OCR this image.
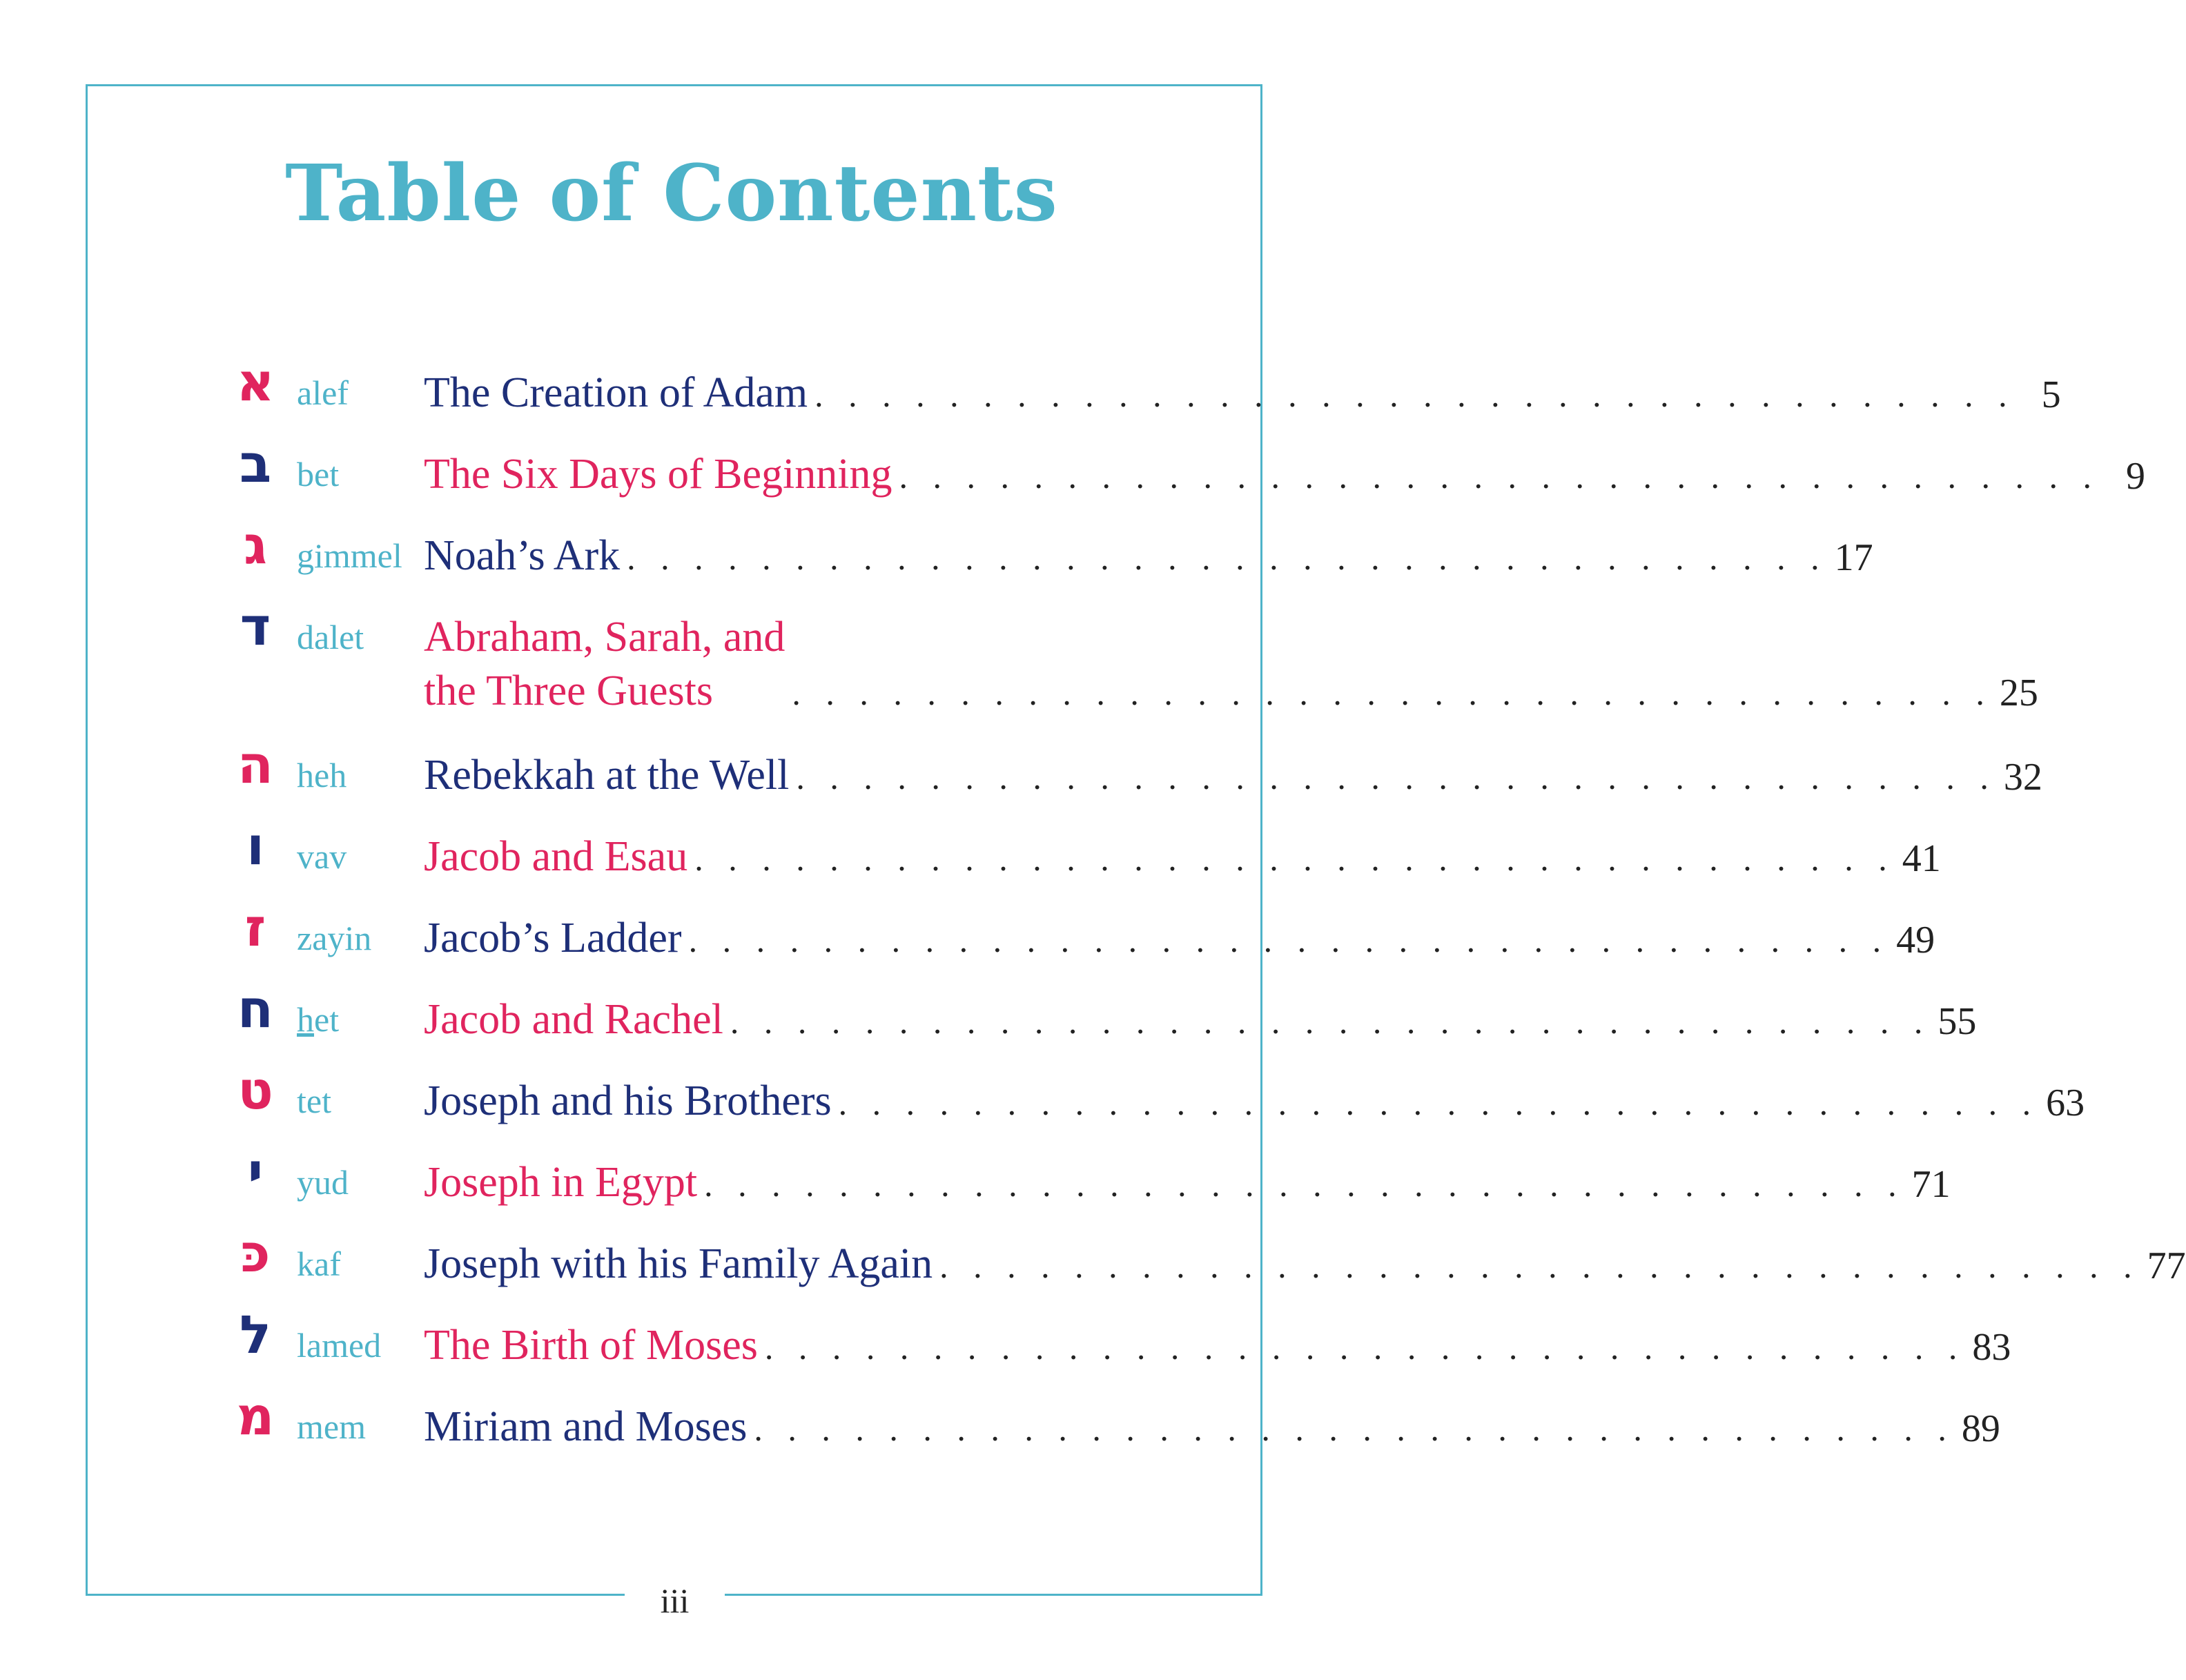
iii
Table of Contents
א alef The Creation of Adam . . . . . . . . . . . . . . . . . . . . . . . . . . . . . . . . . . . . 5
ב bet The Six Days of Beginning . . . . . . . . . . . . . . . . . . . . . . . . . . . . . . . . . . . . 9
ג gimmel Noah’s Ark . . . . . . . . . . . . . . . . . . . . . . . . . . . . . . . . . . . . 17
ד dalet Abraham, Sarah, and
the Three Guests	. . . . . . . . . . . . . . . . . . . . . . . . . . . . . . . . . . . . 25
ה heh Rebekkah at the Well . . . . . . . . . . . . . . . . . . . . . . . . . . . . . . . . . . . . 32
ו vav Jacob and Esau . . . . . . . . . . . . . . . . . . . . . . . . . . . . . . . . . . . . 41
ז zayin Jacob’s Ladder . . . . . . . . . . . . . . . . . . . . . . . . . . . . . . . . . . . . 49
ח het Jacob and Rachel . . . . . . . . . . . . . . . . . . . . . . . . . . . . . . . . . . . . 55
ט tet Joseph and his Brothers . . . . . . . . . . . . . . . . . . . . . . . . . . . . . . . . . . . . 63
י yud Joseph in Egypt . . . . . . . . . . . . . . . . . . . . . . . . . . . . . . . . . . . . 71
כּ kaf Joseph with his Family Again . . . . . . . . . . . . . . . . . . . . . . . . . . . . . . . . . . . . 77
ל lamed The Birth of Moses . . . . . . . . . . . . . . . . . . . . . . . . . . . . . . . . . . . . 83
מ mem Miriam and Moses . . . . . . . . . . . . . . . . . . . . . . . . . . . . . . . . . . . . 89
